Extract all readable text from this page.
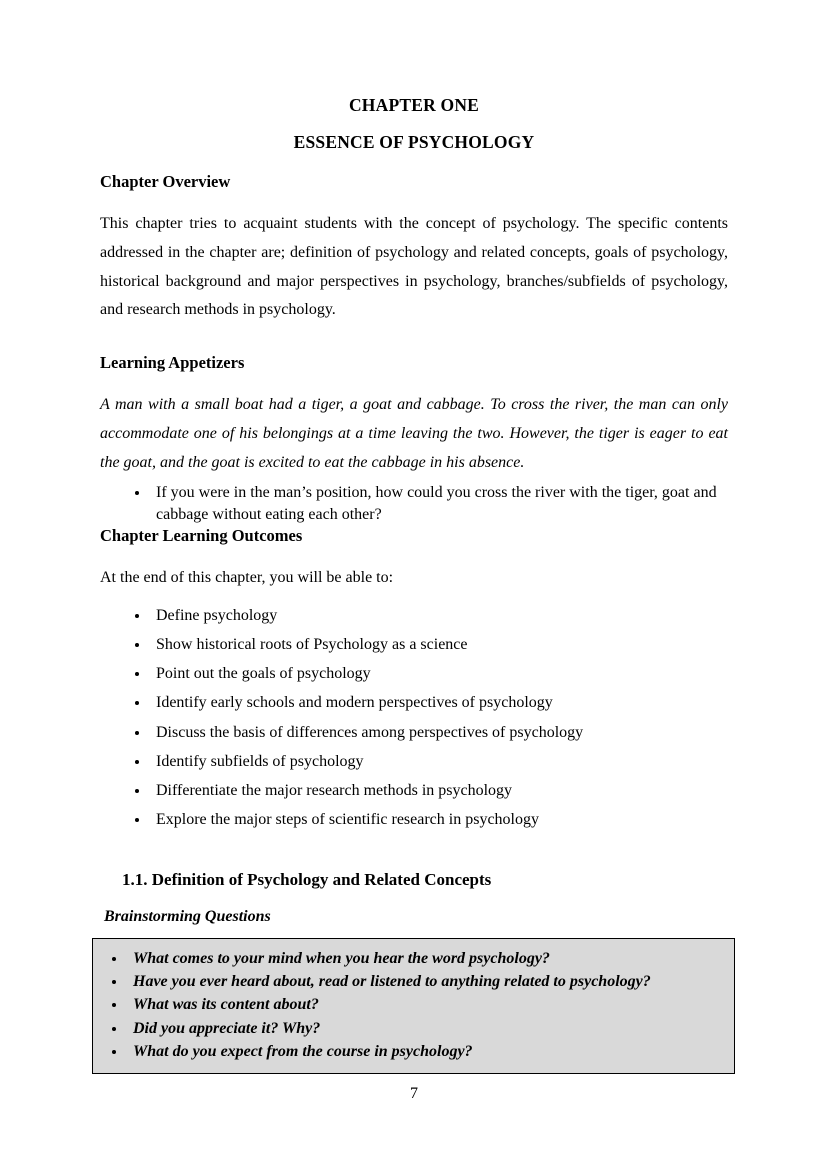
CHAPTER ONE
ESSENCE OF PSYCHOLOGY
Chapter Overview

This chapter tries to acquaint students with the concept of psychology. The specific contents addressed in the chapter are; definition of psychology and related concepts, goals of psychology, historical background and major perspectives in psychology, branches/subfields of psychology, and research methods in psychology.

Learning Appetizers

A man with a small boat had a tiger, a goat and cabbage. To cross the river, the man can only accommodate one of his belongings at a time leaving the two. However, the tiger is eager to eat the goat, and the goat is excited to eat the cabbage in his absence.

• If you were in the man’s position, how could you cross the river with the tiger, goat and cabbage without eating each other?
Chapter Learning Outcomes

At the end of this chapter, you will be able to:

• Define psychology
• Show historical roots of Psychology as a science
• Point out the goals of psychology
• Identify early schools and modern perspectives of psychology
• Discuss the basis of differences among perspectives of psychology
• Identify subfields of psychology
• Differentiate the major research methods in psychology
• Explore the major steps of scientific research in psychology
1.1. Definition of Psychology and Related Concepts
Brainstorming Questions
• What comes to your mind when you hear the word psychology?
• Have you ever heard about, read or listened to anything related to psychology?
• What was its content about?
• Did you appreciate it? Why?
• What do you expect from the course in psychology?
7
